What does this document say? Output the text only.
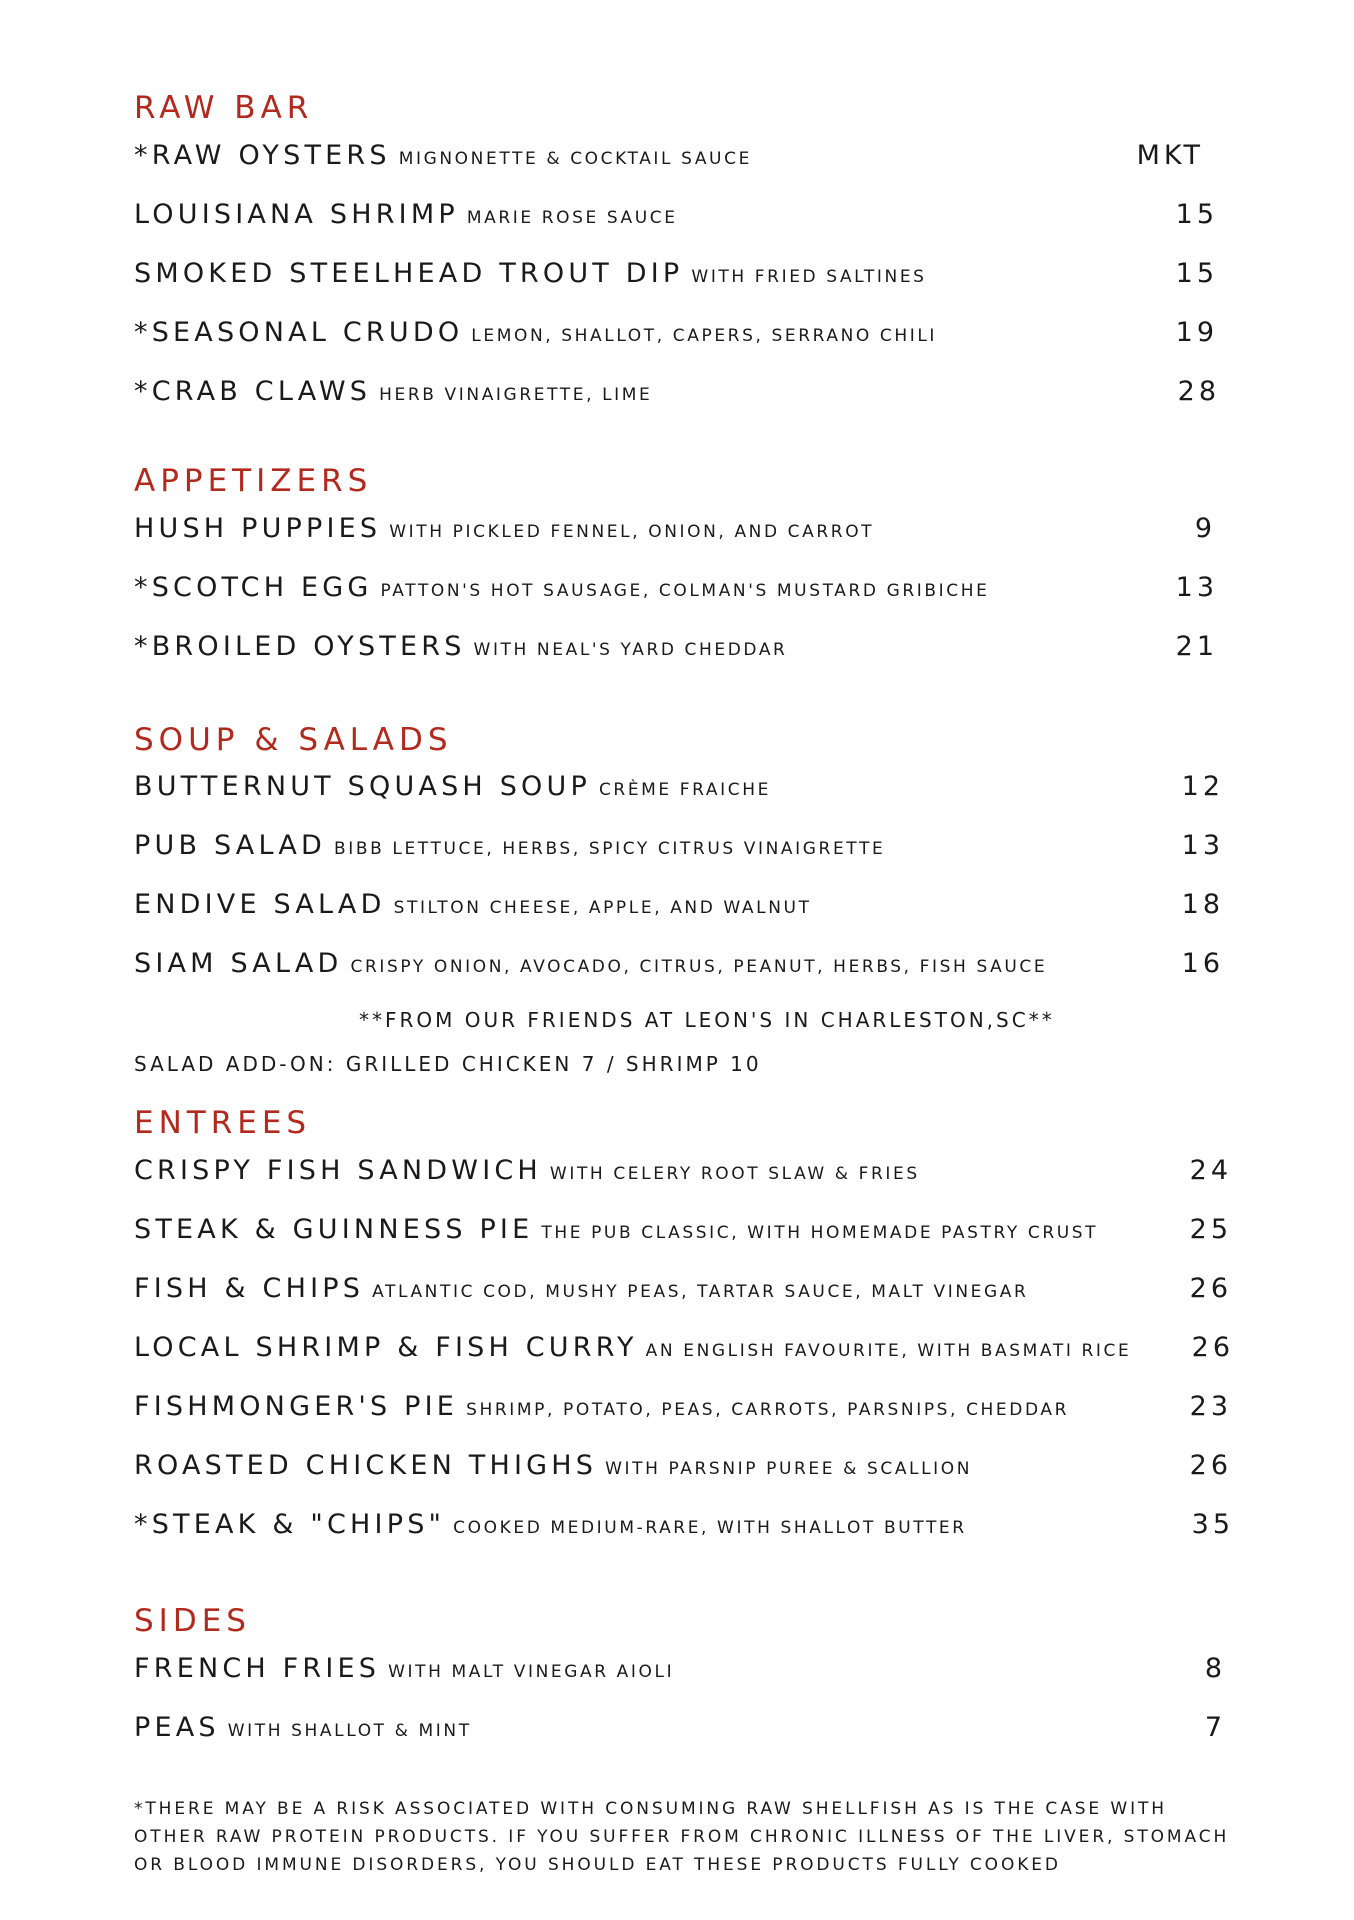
RAW BAR
*RAW OYSTERS MIGNONETTE & COCKTAIL SAUCE	MKT
LOUISIANA SHRIMP MARIE ROSE SAUCE	15
SMOKED STEELHEAD TROUT DIP WITH FRIED SALTINES	15
*SEASONAL CRUDO LEMON, SHALLOT, CAPERS, SERRANO CHILI	19
*CRAB CLAWS HERB VINAIGRETTE, LIME	28
APPETIZERS
HUSH PUPPIES WITH PICKLED FENNEL, ONION, AND CARROT	9
*SCOTCH EGG PATTON'S HOT SAUSAGE, COLMAN'S MUSTARD GRIBICHE	13
*BROILED OYSTERS WITH NEAL'S YARD CHEDDAR	21
SOUP & SALADS
BUTTERNUT SQUASH SOUP CRÈME FRAICHE	12
PUB SALAD BIBB LETTUCE, HERBS, SPICY CITRUS VINAIGRETTE	13
ENDIVE SALAD STILTON CHEESE, APPLE, AND WALNUT	18
SIAM SALAD CRISPY ONION, AVOCADO, CITRUS, PEANUT, HERBS, FISH SAUCE	16
**FROM OUR FRIENDS AT LEON'S IN CHARLESTON,SC**
SALAD ADD-ON: GRILLED CHICKEN 7 / SHRIMP 10
ENTREES
CRISPY FISH SANDWICH WITH CELERY ROOT SLAW & FRIES	24
STEAK & GUINNESS PIE THE PUB CLASSIC, WITH HOMEMADE PASTRY CRUST	25
FISH & CHIPS ATLANTIC COD, MUSHY PEAS, TARTAR SAUCE, MALT VINEGAR	26
LOCAL SHRIMP & FISH CURRY AN ENGLISH FAVOURITE, WITH BASMATI RICE 26
FISHMONGER'S PIE SHRIMP, POTATO, PEAS, CARROTS, PARSNIPS, CHEDDAR	23
ROASTED CHICKEN THIGHS WITH PARSNIP PUREE & SCALLION	26
*STEAK & "CHIPS" COOKED MEDIUM-RARE, WITH SHALLOT BUTTER	35
SIDES
FRENCH FRIES WITH MALT VINEGAR AIOLI	8
PEAS WITH SHALLOT & MINT	7
*THERE MAY BE A RISK ASSOCIATED WITH CONSUMING RAW SHELLFISH AS IS THE CASE WITH
OTHER RAW PROTEIN PRODUCTS. IF YOU SUFFER FROM CHRONIC ILLNESS OF THE LIVER, STOMACH
OR BLOOD IMMUNE DISORDERS, YOU SHOULD EAT THESE PRODUCTS FULLY COOKED
